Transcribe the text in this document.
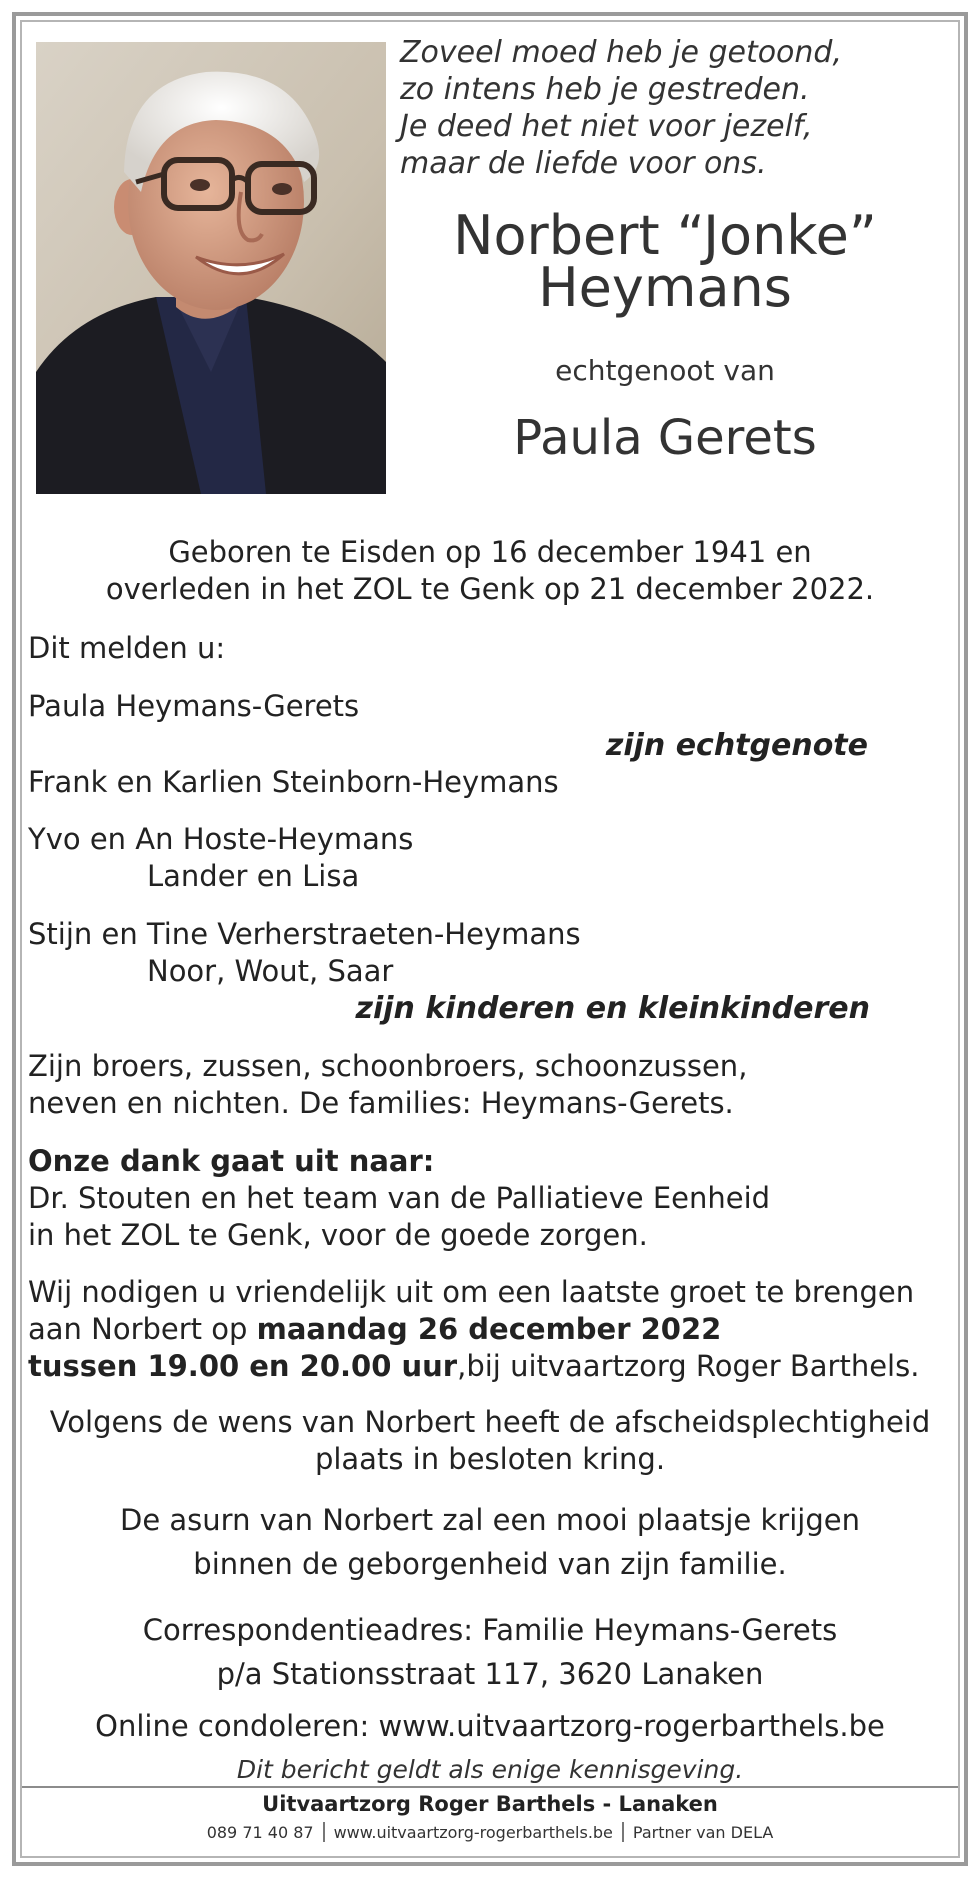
Zoveel moed heb je getoond,
zo intens heb je gestreden.
Je deed het niet voor jezelf,
maar de liefde voor ons.
Norbert “Jonke”
Heymans
echtgenoot van
Paula Gerets
Geboren te Eisden op 16 december 1941 en
overleden in het ZOL te Genk op 21 december 2022.
Dit melden u:
Paula Heymans-Gerets
zijn echtgenote
Frank en Karlien Steinborn-Heymans
Yvo en An Hoste-Heymans
Lander en Lisa
Stijn en Tine Verherstraeten-Heymans
Noor, Wout, Saar
zijn kinderen en kleinkinderen
Zijn broers, zussen, schoonbroers, schoonzussen,
neven en nichten. De families: Heymans-Gerets.
Onze dank gaat uit naar:
Dr. Stouten en het team van de Palliatieve Eenheid
in het ZOL te Genk, voor de goede zorgen.
Wij nodigen u vriendelijk uit om een laatste groet te brengen
aan Norbert op maandag 26 december 2022
tussen 19.00 en 20.00 uur,bij uitvaartzorg Roger Barthels.
Volgens de wens van Norbert heeft de afscheidsplechtigheid
plaats in besloten kring.
De asurn van Norbert zal een mooi plaatsje krijgen
binnen de geborgenheid van zijn familie.
Correspondentieadres: Familie Heymans-Gerets
p/a Stationsstraat 117, 3620 Lanaken
Online condoleren: www.uitvaartzorg-rogerbarthels.be
Dit bericht geldt als enige kennisgeving.
Uitvaartzorg Roger Barthels - Lanaken
089 71 40 87 www.uitvaartzorg-rogerbarthels.be Partner van DELA
